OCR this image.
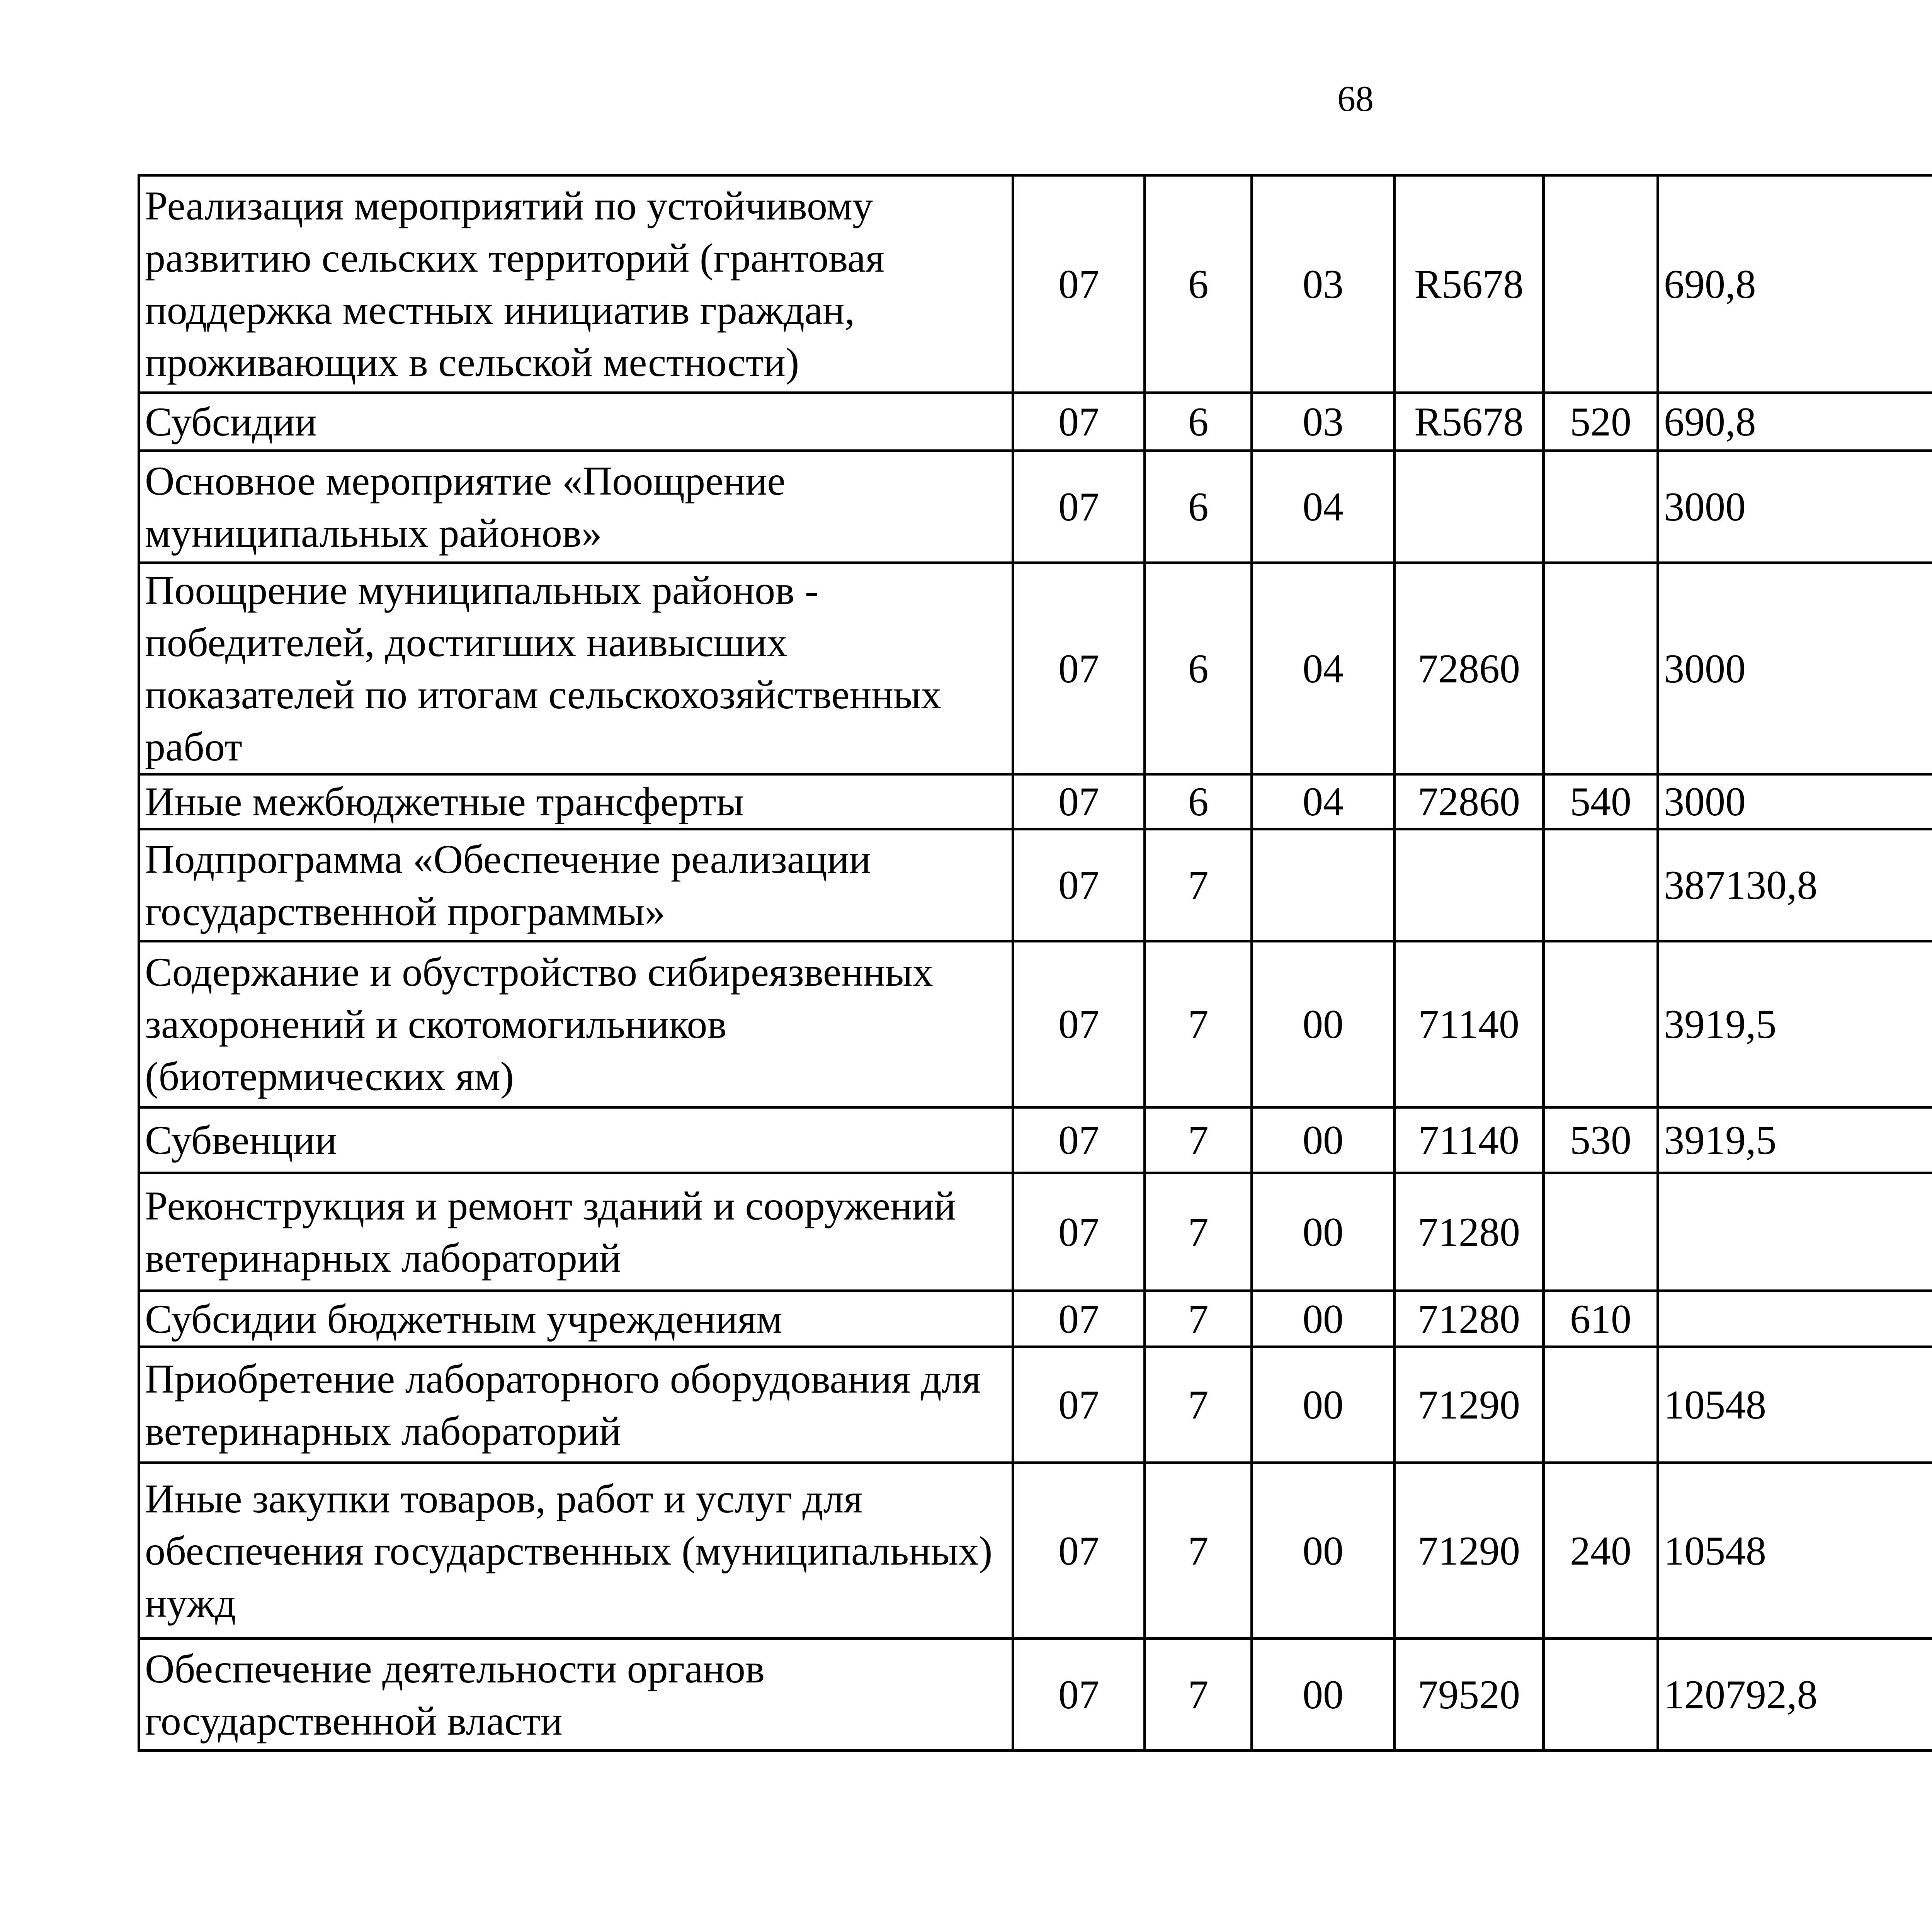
68
Реализация мероприятий по устойчивому развитию сельских территорий (грантовая поддержка местных инициатив граждан, проживающих в сельской местности)	07	6	03	R5678		690,8		
Субсидии	07	6	03	R5678	520	690,8		
Основное мероприятие «Поощрение муниципальных районов»	07	6	04			3000		
Поощрение муниципальных районов - победителей, достигших наивысших показателей по итогам сельскохозяйственных работ	07	6	04	72860		3000		
Иные межбюджетные трансферты	07	6	04	72860	540	3000		
Подпрограмма «Обеспечение реализации государственной программы»	07	7				387130,8		
Содержание и обустройство сибиреязвенных захоронений и скотомогильников (биотермических ям)	07	7	00	71140		3919,5		
Субвенции	07	7	00	71140	530	3919,5		
Реконструкция и ремонт зданий и сооружений ветеринарных лабораторий	07	7	00	71280				
Субсидии бюджетным учреждениям	07	7	00	71280	610			
Приобретение лабораторного оборудования для ветеринарных лабораторий	07	7	00	71290		10548		
Иные закупки товаров, работ и услуг для обеспечения государственных (муниципальных) нужд	07	7	00	71290	240	10548		
Обеспечение деятельности органов государственной власти	07	7	00	79520		120792,8		
